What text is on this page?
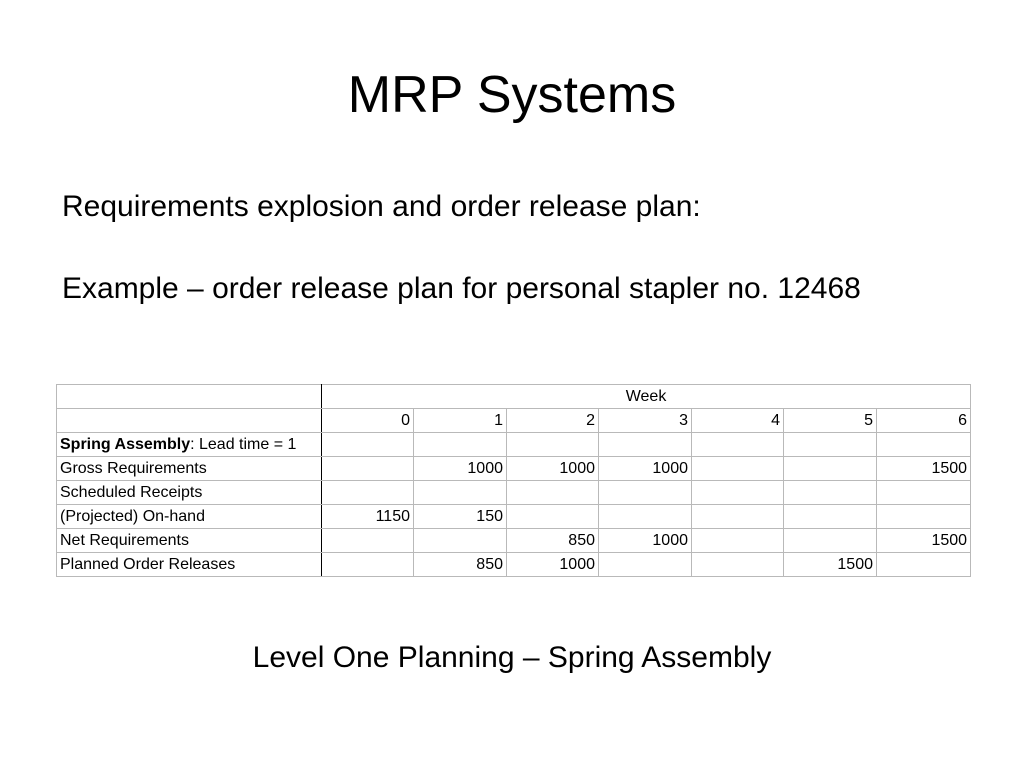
MRP Systems

Requirements explosion and order release plan:

Example – order release plan for personal stapler no. 12468

	Week						
	0	1	2	3	4	5	6
Spring Assembly: Lead time = 1							
Gross Requirements		1000	1000	1000			1500
Scheduled Receipts							
(Projected) On-hand	1150	150					
Net Requirements			850	1000			1500
Planned Order Releases		850	1000			1500	

Level One Planning – Spring Assembly
